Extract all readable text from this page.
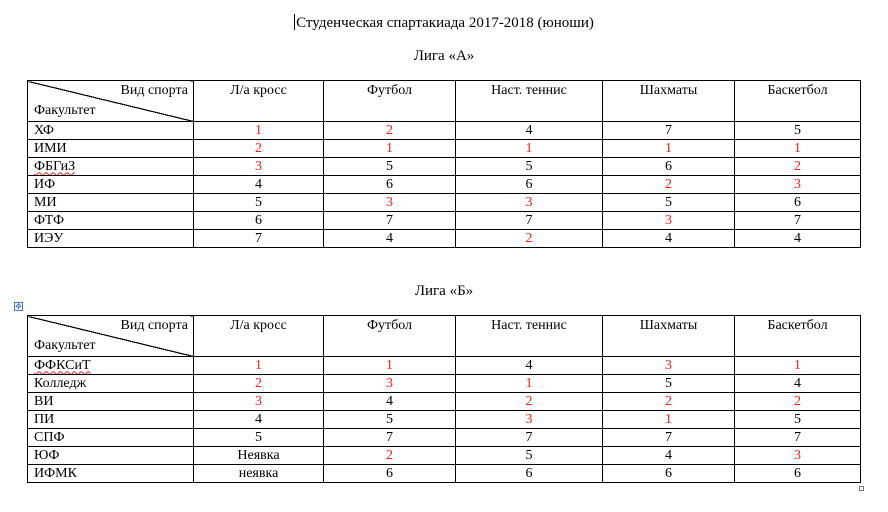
Студенческая спартакиада 2017-2018 (юноши)
Лига «А»
Вид спорта
Факультет	Л/а кросс	Футбол	Наст. теннис	Шахматы	Баскетбол
ХФ	1	2	4	7	5
ИМИ	2	1	1	1	1
ФБГиЗ	3	5	5	6	2
ИФ	4	6	6	2	3
МИ	5	3	3	5	6
ФТФ	6	7	7	3	7
ИЭУ	7	4	2	4	4
Лига «Б»
✥
Вид спорта
Факультет	Л/а кросс	Футбол	Наст. теннис	Шахматы	Баскетбол
ФФКСиТ	1	1	4	3	1
Колледж	2	3	1	5	4
ВИ	3	4	2	2	2
ПИ	4	5	3	1	5
СПФ	5	7	7	7	7
ЮФ	Неявка	2	5	4	3
ИФМК	неявка	6	6	6	6
